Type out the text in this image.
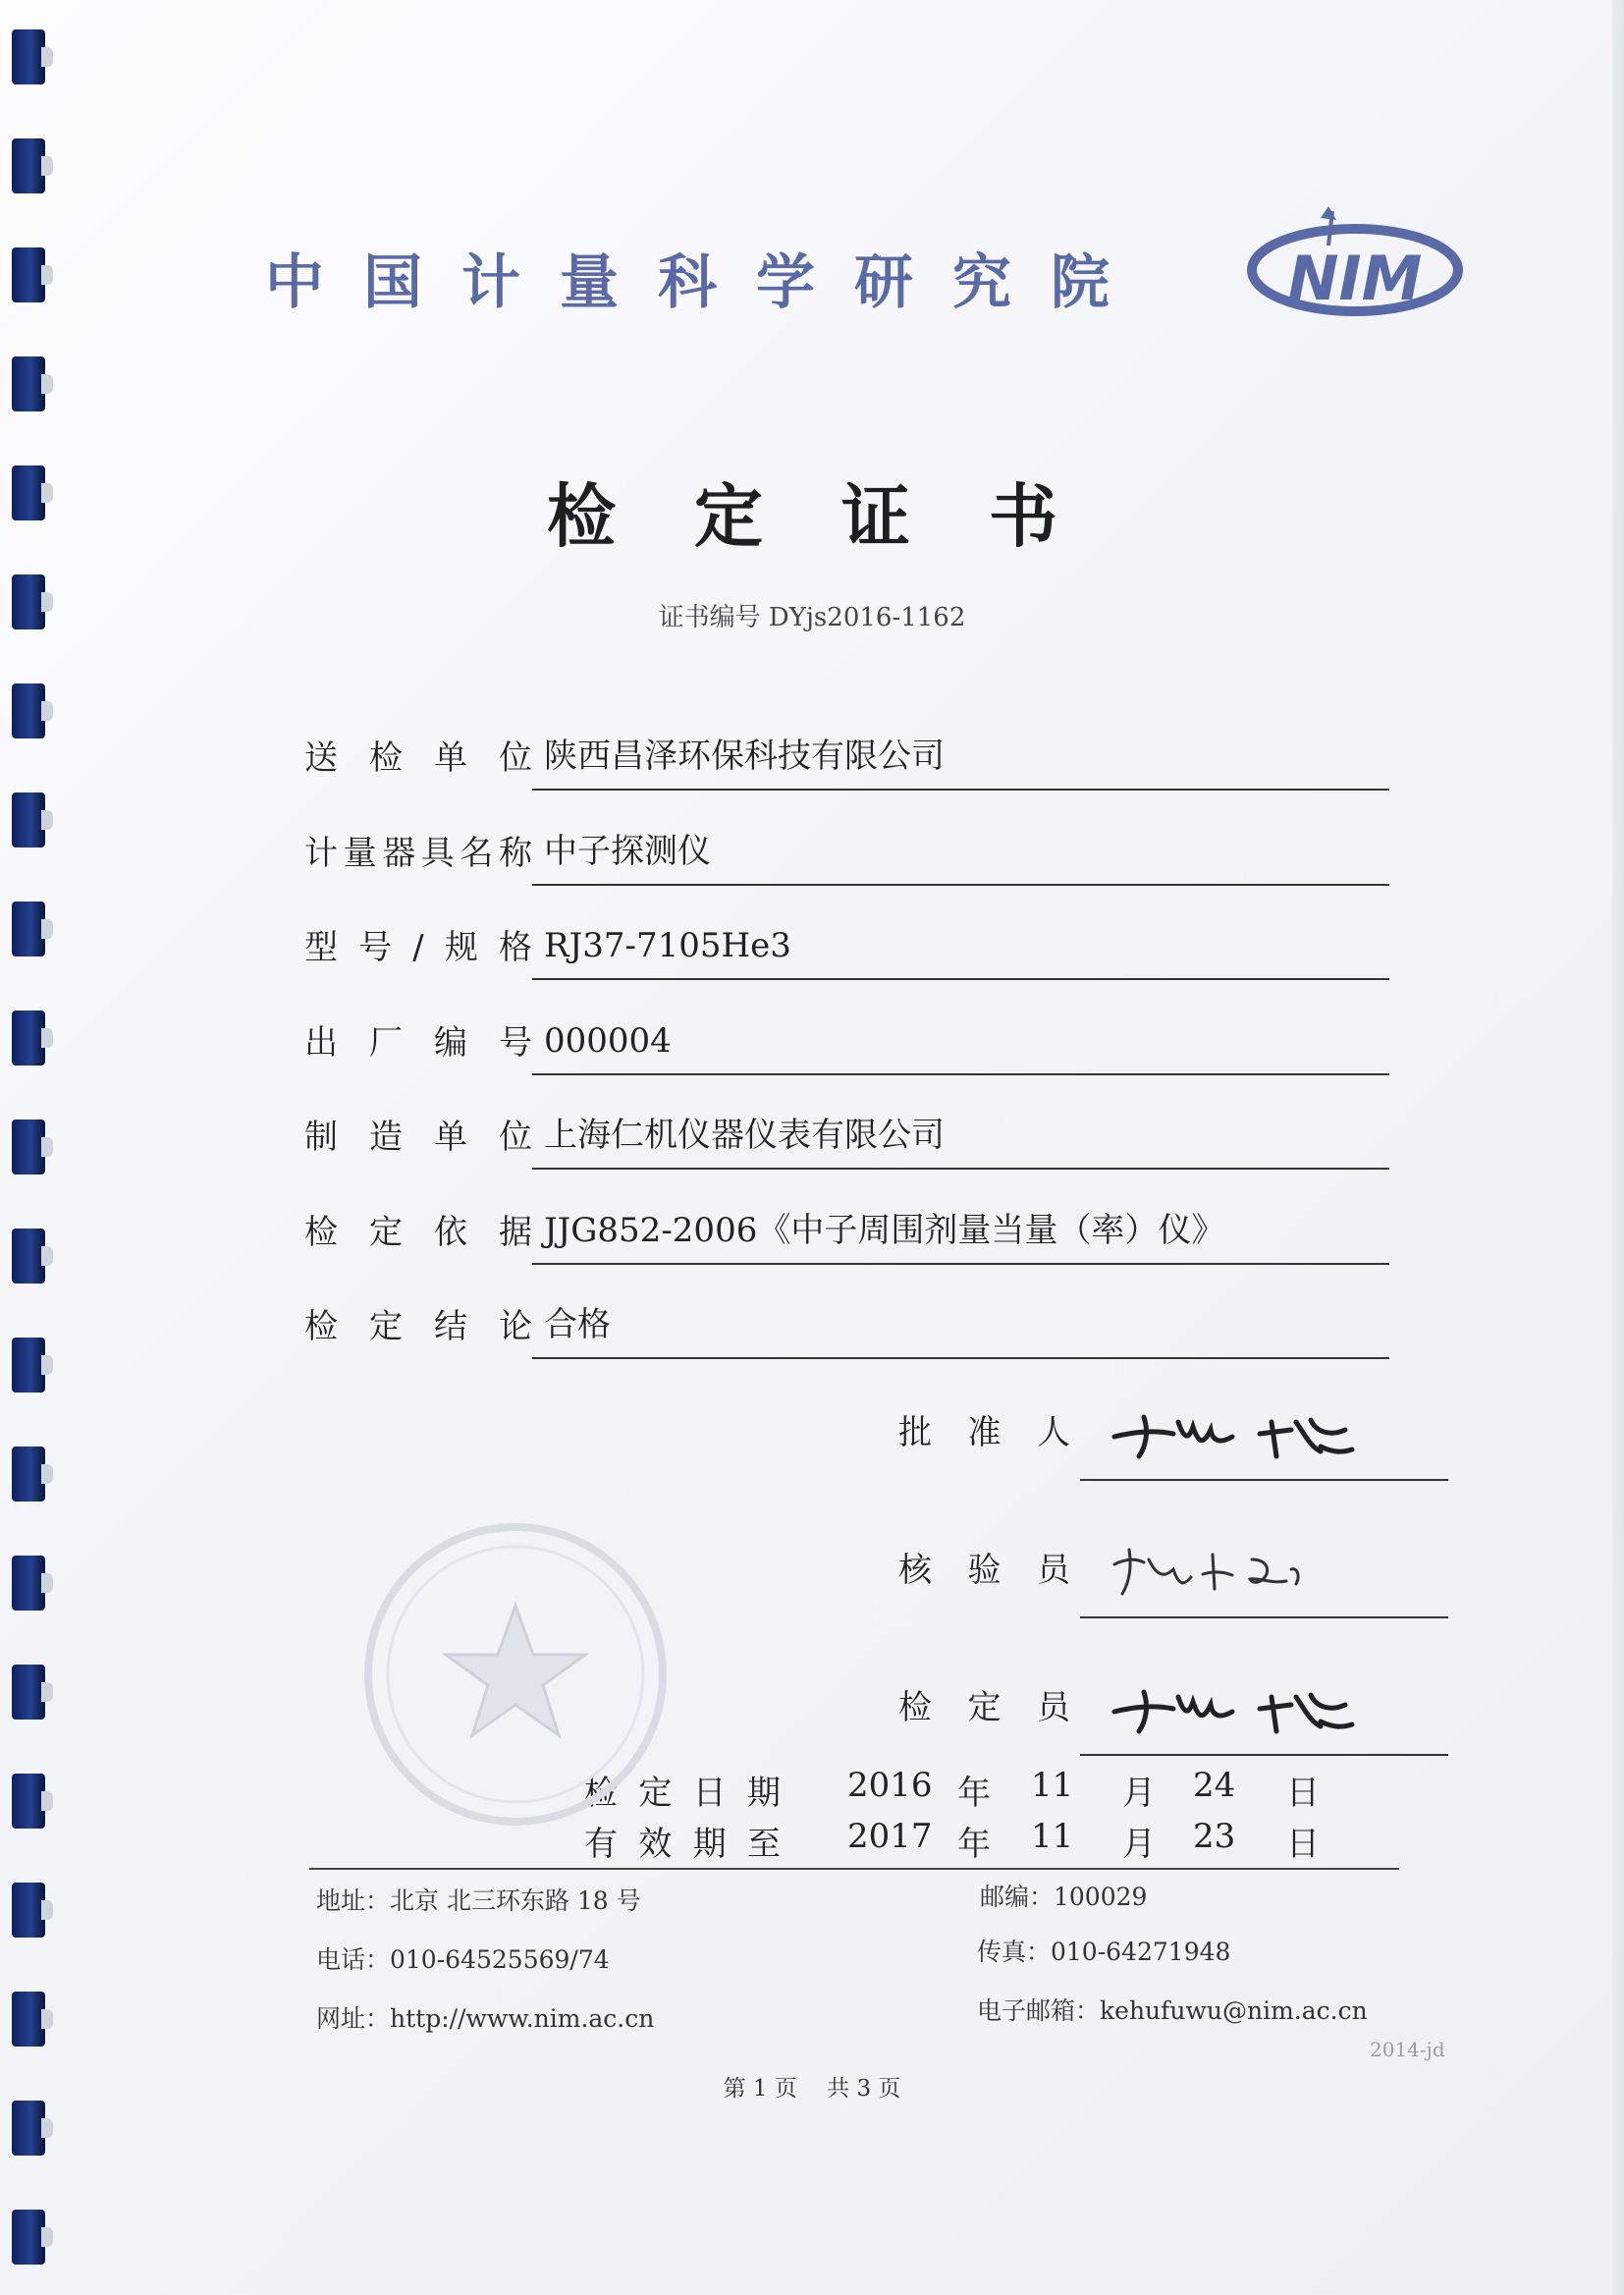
中国计量科学研究院 NIM
检定证书
证书编号 DYjs2016-1162
送检单位 陕西昌泽环保科技有限公司
计量器具名称 中子探测仪
型号/规格 RJ37-7105He3
出厂编号 000004
制造单位 上海仁机仪器仪表有限公司
检定依据 JJG852-2006《中子周围剂量当量（率）仪》
检定结论 合格
批准人
核验员
检定员
检定日期 2016 年 11 月 24 日
有效期至 2017 年 11 月 23 日
地址：北京 北三环东路 18 号	邮编：100029
电话：010-64525569/74	传真：010-64271948
网址：http://www.nim.ac.cn	电子邮箱：kehufuwu@nim.ac.cn
2014-jd
第 1 页　 共 3 页
